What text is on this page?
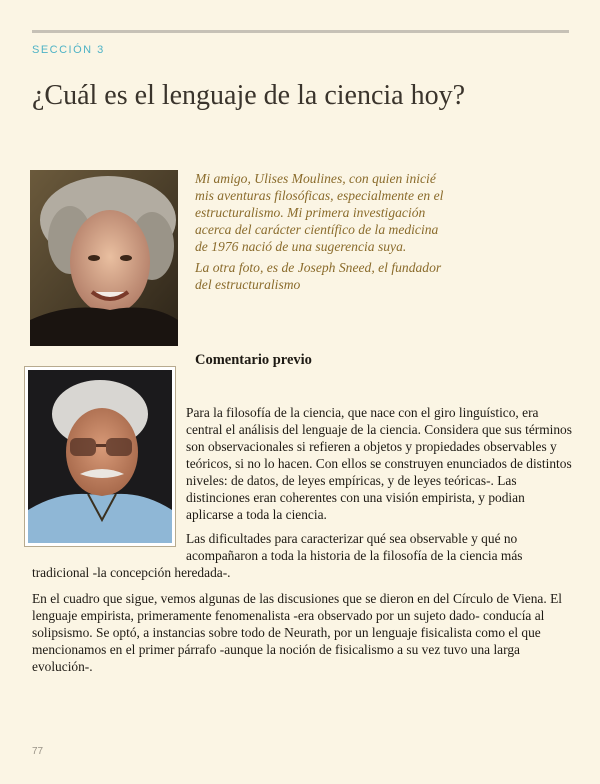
SECCIÓN 3
¿Cuál es el lenguaje de la ciencia hoy?

Mi amigo, Ulises Moulines, con quien inicié mis aventuras filosóficas, especialmente en el estructuralismo. Mi primera investigación acerca del carácter científico de la medicina de 1976 nació de una sugerencia suya.

La otra foto, es de Joseph Sneed, el fundador del estructuralismo

Comentario previo
Para la filosofía de la ciencia, que nace con el giro linguístico, era central el análisis del lenguaje de la ciencia. Considera que sus términos son observacionales si refieren a objetos y propiedades observables y teóricos, si no lo hacen. Con ellos se construyen enunciados de distintos niveles: de datos, de leyes empíricas, y de leyes teóricas-. Las distinciones eran coherentes con una visión empirista, y podian aplicarse a toda la ciencia.
Las dificultades para caracterizar qué sea observable y qué no acompañaron a toda la historia de la filosofía de la ciencia más
tradicional -la concepción heredada-.
En el cuadro que sigue, vemos algunas de las discusiones que se dieron en del Círculo de Viena. El lenguaje empirista, primeramente fenomenalista -era observado por un sujeto dado- conducía al solipsismo. Se optó, a instancias sobre todo de Neurath, por un lenguaje fisicalista como el que mencionamos en el primer párrafo -aunque la noción de fisicalismo a su vez tuvo una larga evolución-.
77
